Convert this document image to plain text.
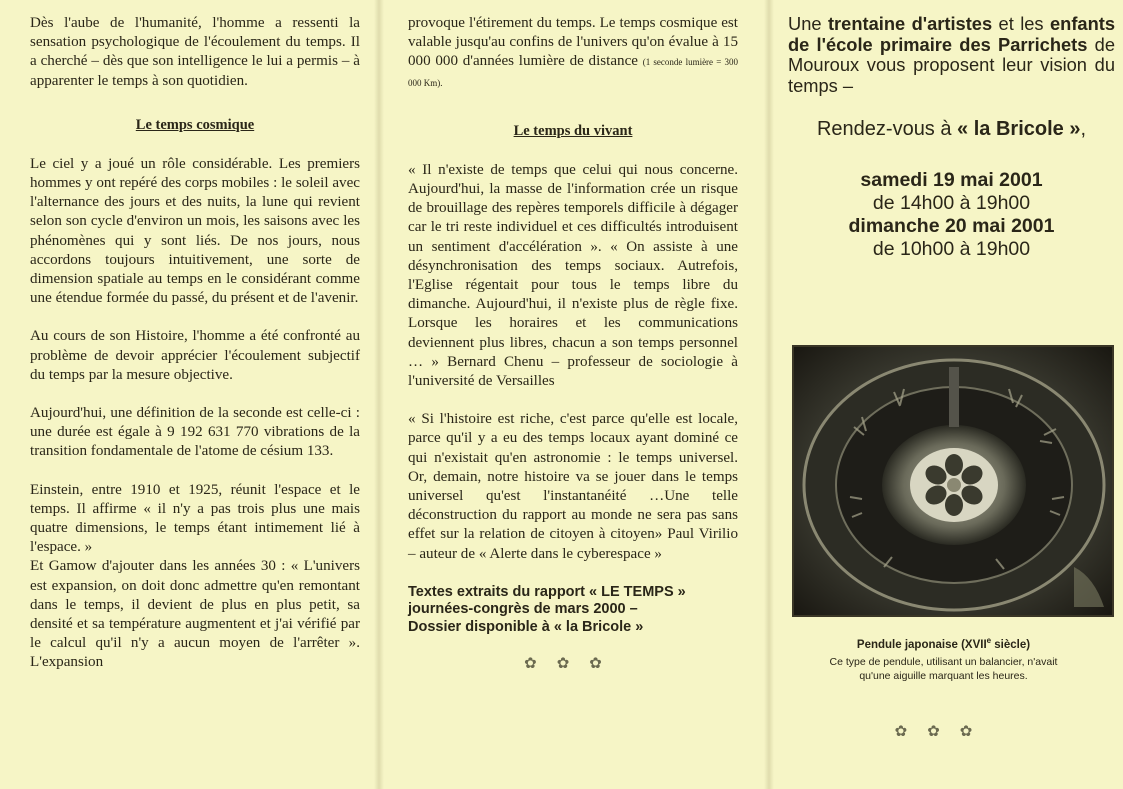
Dès l'aube de l'humanité, l'homme a ressenti la sensation psychologique de l'écoulement du temps. Il a cherché – dès que son intelligence le lui a permis – à apparenter le temps à son quotidien.

Le temps cosmique

Le ciel y a joué un rôle considérable. Les premiers hommes y ont repéré des corps mobiles : le soleil avec l'alternance des jours et des nuits, la lune qui revient selon son cycle d'environ un mois, les saisons avec les phénomènes qui y sont liés. De nos jours, nous accordons toujours intuitivement, une sorte de dimension spatiale au temps en le considérant comme une étendue formée du passé, du présent et de l'avenir.

Au cours de son Histoire, l'homme a été confronté au problème de devoir apprécier l'écoulement subjectif du temps par la mesure objective.

Aujourd'hui, une définition de la seconde est celle-ci : une durée est égale à 9 192 631 770 vibrations de la transition fondamentale de l'atome de césium 133.

Einstein, entre 1910 et 1925, réunit l'espace et le temps. Il affirme « il n'y a pas trois plus une mais quatre dimensions, le temps étant intimement lié à l'espace. »

Et Gamow d'ajouter dans les années 30 : « L'univers est expansion, on doit donc admettre qu'en remontant dans le temps, il devient de plus en plus petit, sa densité et sa température augmentent et j'ai vérifié par le calcul qu'il n'y a aucun moyen de l'arrêter ». L'expansion

provoque l'étirement du temps. Le temps cosmique est valable jusqu'au confins de l'univers qu'on évalue à 15 000 000 d'années lumière de distance (1 seconde lumière = 300 000 Km).

Le temps du vivant

« Il n'existe de temps que celui qui nous concerne. Aujourd'hui, la masse de l'information crée un risque de brouillage des repères temporels difficile à dégager car le tri reste individuel et ces difficultés introduisent un sentiment d'accélération ». « On assiste à une désynchronisation des temps sociaux. Autrefois, l'Eglise régentait pour tous le temps libre du dimanche. Aujourd'hui, il n'existe plus de règle fixe. Lorsque les horaires et les communications deviennent plus libres, chacun a son temps personnel … » Bernard Chenu – professeur de sociologie à l'université de Versailles

« Si l'histoire est riche, c'est parce qu'elle est locale, parce qu'il y a eu des temps locaux ayant dominé ce qui n'existait qu'en astronomie : le temps universel. Or, demain, notre histoire va se jouer dans le temps universel qu'est l'instantanéité …Une telle déconstruction du rapport au monde ne sera pas sans effet sur la relation de citoyen à citoyen» Paul Virilio – auteur de « Alerte dans le cyberespace »

Textes extraits du rapport « LE TEMPS »

journées-congrès de mars 2000 –

Dossier disponible à « la Bricole »

✿✿✿

Une trentaine d'artistes et les enfants de l'école primaire des Parrichets de Mouroux vous proposent leur vision du temps –

Rendez-vous à « la Bricole »,

samedi 19 mai 2001
de 14h00 à 19h00
dimanche 20 mai 2001
de 10h00 à 19h00
Pendule japonaise (XVIIe siècle)
Ce type de pendule, utilisant un balancier, n'avait
qu'une aiguille marquant les heures.
✿✿✿
